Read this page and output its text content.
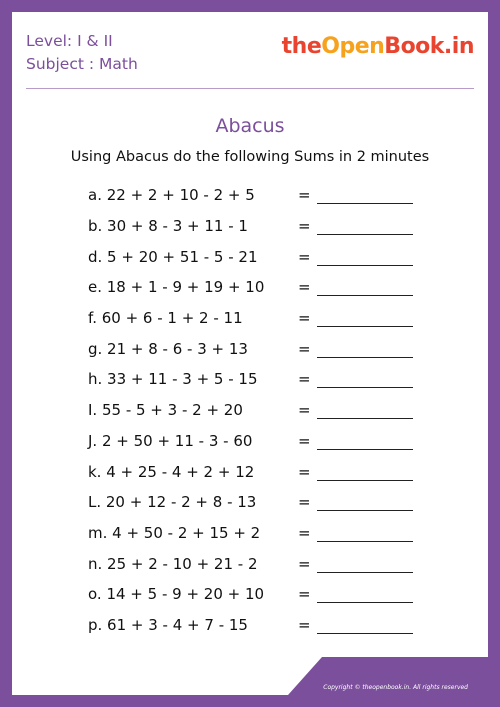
Level: I & II
Subject : Math
theOpenBook.in
Abacus
Using Abacus do the following Sums in 2 minutes
a. 22 + 2 + 10 - 2 + 5	=
b. 30 + 8 - 3 + 11 - 1	=
d. 5 + 20 + 51 - 5 - 21	=
e. 18 + 1 - 9 + 19 + 10	=
f. 60 + 6 - 1 + 2 - 11	=
g. 21 + 8 - 6 - 3 + 13	=
h. 33 + 11 - 3 + 5 - 15	=
I. 55 - 5 + 3 - 2 + 20	=
J. 2 + 50 + 11 - 3 - 60	=
k. 4 + 25 - 4 + 2 + 12	=
L. 20 + 12 - 2 + 8 - 13	=
m. 4 + 50 - 2 + 15 + 2	=
n. 25 + 2 - 10 + 21 - 2	=
o. 14 + 5 - 9 + 20 + 10	=
p. 61 + 3 - 4 + 7 - 15	=
Copyright © theopenbook.in. All rights reserved
